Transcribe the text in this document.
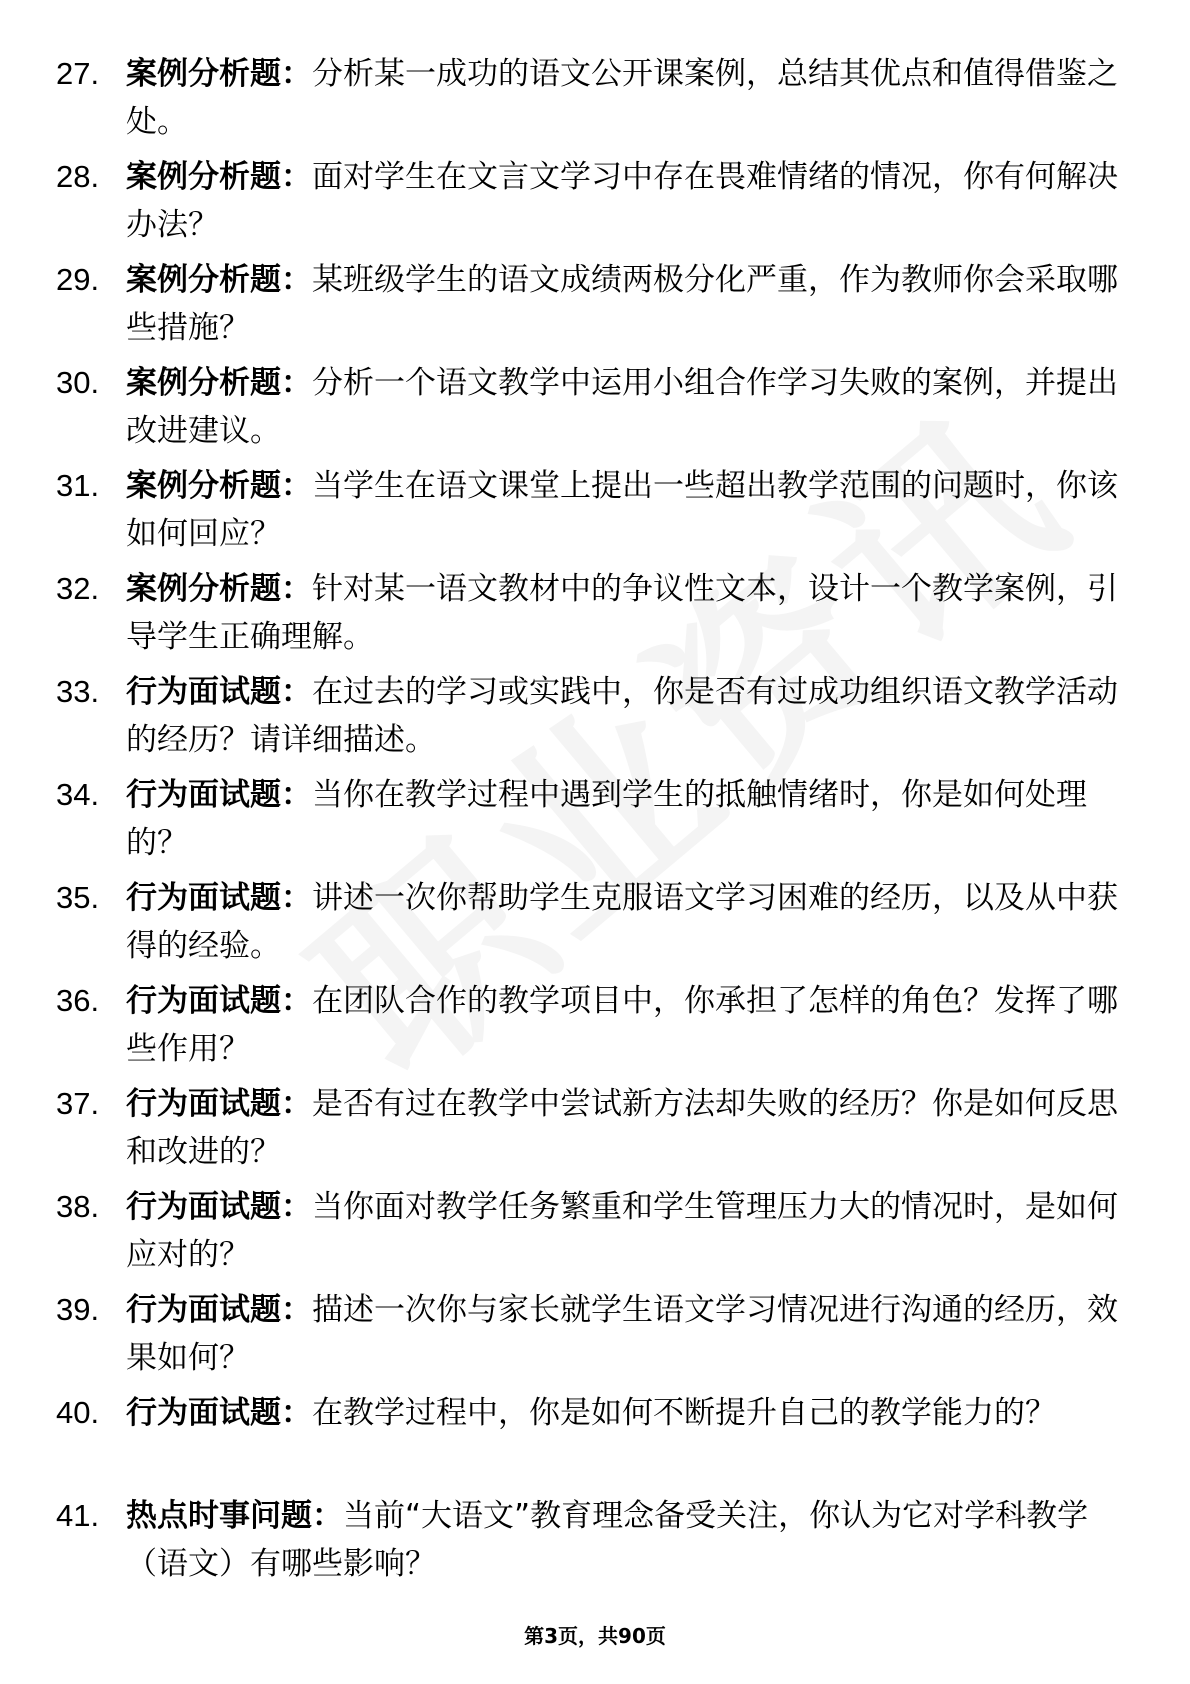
27. 案例分析题：分析某一成功的语文公开课案例，总结其优点和值得借鉴之处。
28. 案例分析题：面对学生在文言文学习中存在畏难情绪的情况，你有何解决办法？
29. 案例分析题：某班级学生的语文成绩两极分化严重，作为教师你会采取哪些措施？
30. 案例分析题：分析一个语文教学中运用小组合作学习失败的案例，并提出改进建议。
31. 案例分析题：当学生在语文课堂上提出一些超出教学范围的问题时，你该如何回应？
32. 案例分析题：针对某一语文教材中的争议性文本，设计一个教学案例，引导学生正确理解。
33. 行为面试题：在过去的学习或实践中，你是否有过成功组织语文教学活动的经历？请详细描述。
34. 行为面试题：当你在教学过程中遇到学生的抵触情绪时，你是如何处理的？
35. 行为面试题：讲述一次你帮助学生克服语文学习困难的经历，以及从中获得的经验。
36. 行为面试题：在团队合作的教学项目中，你承担了怎样的角色？发挥了哪些作用？
37. 行为面试题：是否有过在教学中尝试新方法却失败的经历？你是如何反思和改进的？
38. 行为面试题：当你面对教学任务繁重和学生管理压力大的情况时，是如何应对的？
39. 行为面试题：描述一次你与家长就学生语文学习情况进行沟通的经历，效果如何？
40. 行为面试题：在教学过程中，你是如何不断提升自己的教学能力的？
41. 热点时事问题：当前“大语文”教育理念备受关注，你认为它对学科教学（语文）有哪些影响？
第3页，共90页
